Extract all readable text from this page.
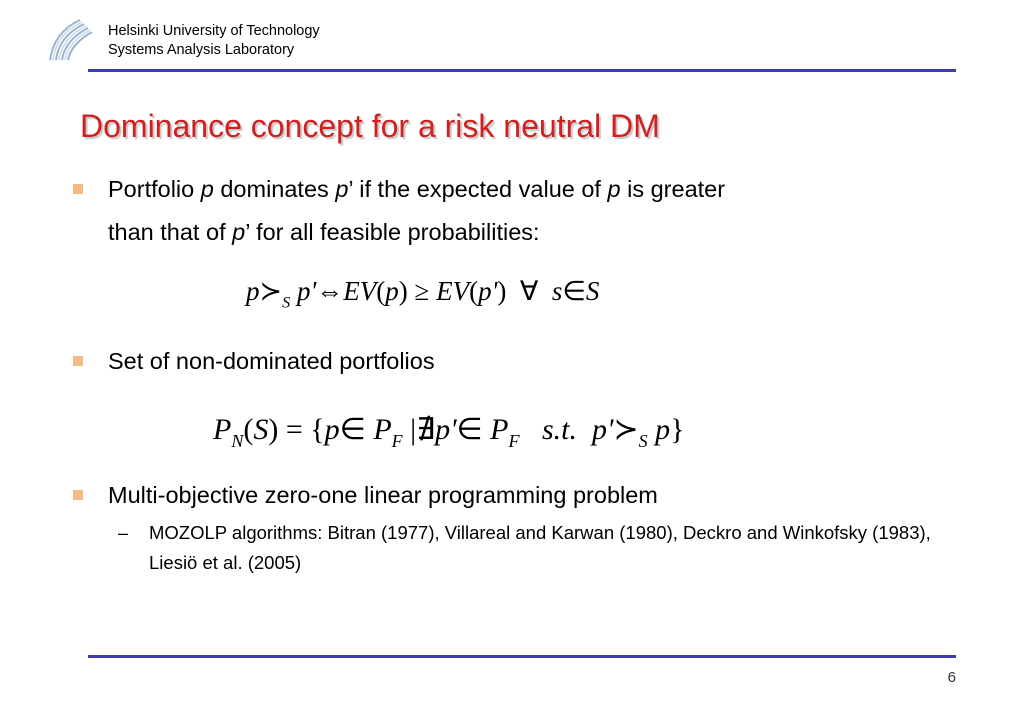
Helsinki University of Technology
Systems Analysis Laboratory
Dominance concept for a risk neutral DM
Portfolio p dominates p’ if the expected value of p is greater
than that of p’ for all feasible probabilities:
$p≻_S$ p'⇔EV(p) ≥ EV(p') ∀  s∈S
Set of non-dominated portfolios
$P_N(S)$ = {p∈ $P_F$ |∄p'∈ $P_F$   s.t.  $p'≻_S$ p}
Multi-objective zero-one linear programming problem
– MOZOLP algorithms: Bitran (1977), Villareal and Karwan (1980), Deckro and Winkofsky (1983), Liesiö et al. (2005)
6
